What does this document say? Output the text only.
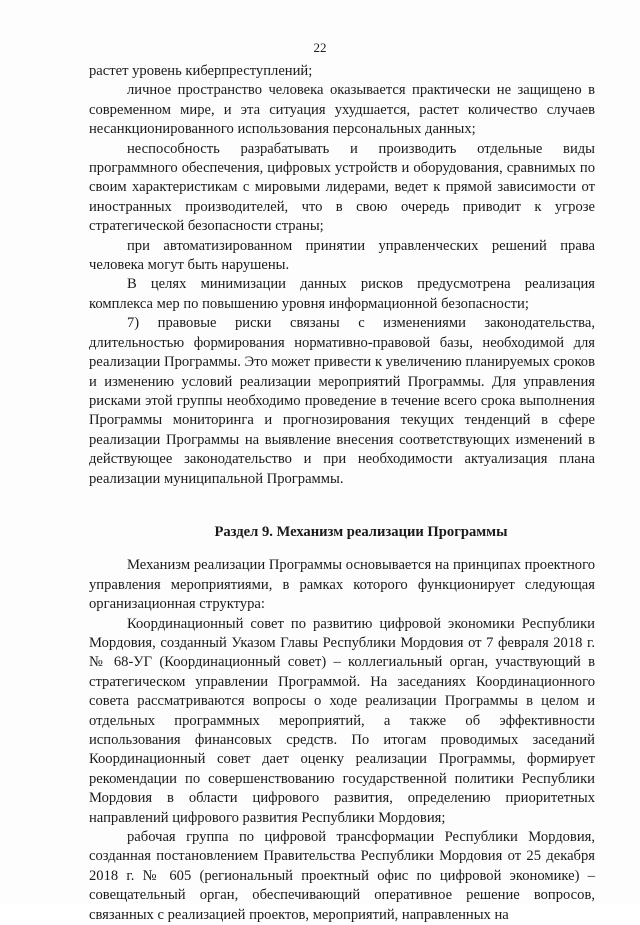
22

растет уровень киберпреступлений;

личное пространство человека оказывается практически не защищено в современном мире, и эта ситуация ухудшается, растет количество случаев несанкционированного использования персональных данных;

неспособность разрабатывать и производить отдельные виды программного обеспечения, цифровых устройств и оборудования, сравнимых по своим характеристикам с мировыми лидерами, ведет к прямой зависимости от иностранных производителей, что в свою очередь приводит к угрозе стратегической безопасности страны;

при автоматизированном принятии управленческих решений права человека могут быть нарушены.

В целях минимизации данных рисков предусмотрена реализация комплекса мер по повышению уровня информационной безопасности;

7) правовые риски связаны с изменениями законодательства, длительностью формирования нормативно-правовой базы, необходимой для реализации Программы. Это может привести к увеличению планируемых сроков и изменению условий реализации мероприятий Программы. Для управления рисками этой группы необходимо проведение в течение всего срока выполнения Программы мониторинга и прогнозирования текущих тенденций в сфере реализации Программы на выявление внесения соответствующих изменений в действующее законодательство и при необходимости актуализация плана реализации муниципальной Программы.

Раздел 9. Механизм реализации Программы

Механизм реализации Программы основывается на принципах проектного управления мероприятиями, в рамках которого функционирует следующая организационная структура:

Координационный совет по развитию цифровой экономики Республики Мордовия, созданный Указом Главы Республики Мордовия от 7 февраля 2018 г. № 68-УГ (Координационный совет) – коллегиальный орган, участвующий в стратегическом управлении Программой. На заседаниях Координационного совета рассматриваются вопросы о ходе реализации Программы в целом и отдельных программных мероприятий, а также об эффективности использования финансовых средств. По итогам проводимых заседаний Координационный совет дает оценку реализации Программы, формирует рекомендации по совершенствованию государственной политики Республики Мордовия в области цифрового развития, определению приоритетных направлений цифрового развития Республики Мордовия;

рабочая группа по цифровой трансформации Республики Мордовия, созданная постановлением Правительства Республики Мордовия от 25 декабря 2018 г. № 605 (региональный проектный офис по цифровой экономике) – совещательный орган, обеспечивающий оперативное решение вопросов, связанных с реализацией проектов, мероприятий, направленных на
